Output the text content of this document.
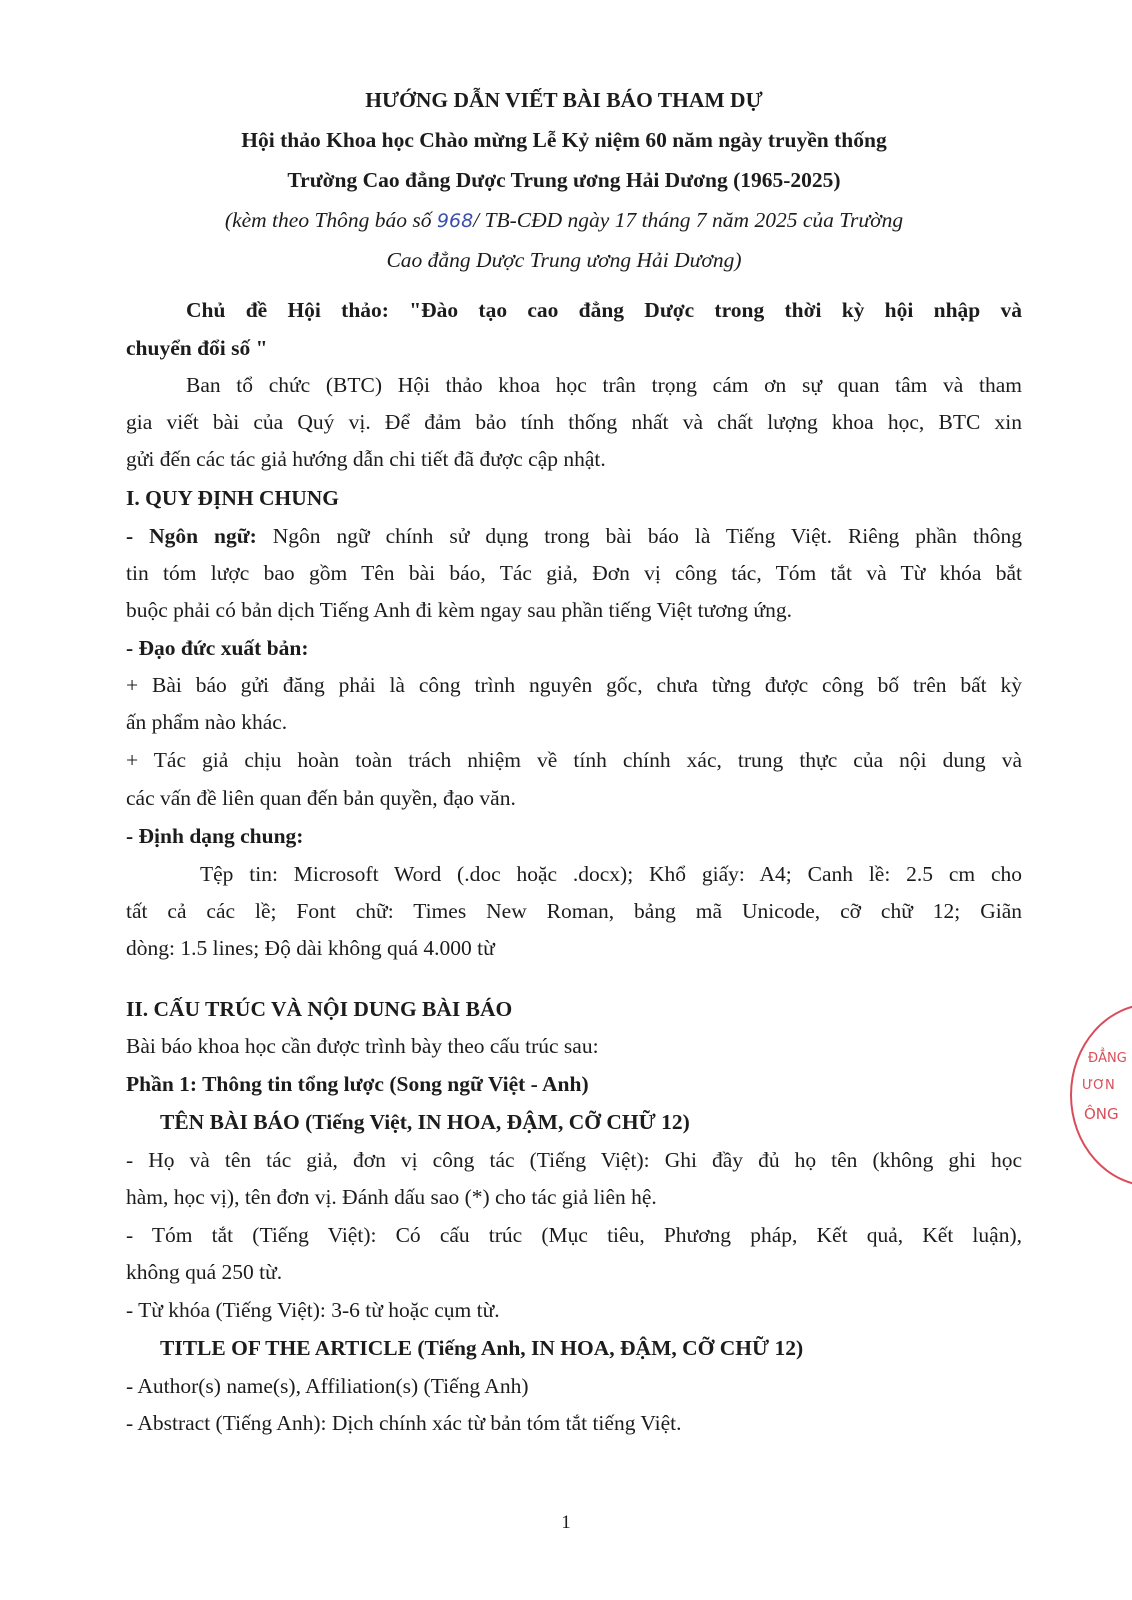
HƯỚNG DẪN VIẾT BÀI BÁO THAM DỰ
Hội thảo Khoa học Chào mừng Lễ Kỷ niệm 60 năm ngày truyền thống
Trường Cao đẳng Dược Trung ương Hải Dương (1965-2025)
(kèm theo Thông báo số 968/ TB-CĐD ngày 17 tháng 7 năm 2025 của Trường
Cao đẳng Dược Trung ương Hải Dương)
Chủ đề Hội thảo: "Đào tạo cao đẳng Dược trong thời kỳ hội nhập và
chuyển đổi số "
Ban tổ chức (BTC) Hội thảo khoa học trân trọng cám ơn sự quan tâm và tham
gia viết bài của Quý vị. Để đảm bảo tính thống nhất và chất lượng khoa học, BTC xin
gửi đến các tác giả hướng dẫn chi tiết đã được cập nhật.
I. QUY ĐỊNH CHUNG
- Ngôn ngữ: Ngôn ngữ chính sử dụng trong bài báo là Tiếng Việt. Riêng phần thông
tin tóm lược bao gồm Tên bài báo, Tác giả, Đơn vị công tác, Tóm tắt và Từ khóa bắt
buộc phải có bản dịch Tiếng Anh đi kèm ngay sau phần tiếng Việt tương ứng.
- Đạo đức xuất bản:
+ Bài báo gửi đăng phải là công trình nguyên gốc, chưa từng được công bố trên bất kỳ
ấn phẩm nào khác.
+ Tác giả chịu hoàn toàn trách nhiệm về tính chính xác, trung thực của nội dung và
các vấn đề liên quan đến bản quyền, đạo văn.
- Định dạng chung:
Tệp tin: Microsoft Word (.doc hoặc .docx); Khổ giấy: A4; Canh lề: 2.5 cm cho
tất cả các lề; Font chữ: Times New Roman, bảng mã Unicode, cỡ chữ 12; Giãn
dòng: 1.5 lines; Độ dài không quá 4.000 từ
II. CẤU TRÚC VÀ NỘI DUNG BÀI BÁO
Bài báo khoa học cần được trình bày theo cấu trúc sau:
Phần 1: Thông tin tổng lược (Song ngữ Việt - Anh)
TÊN BÀI BÁO (Tiếng Việt, IN HOA, ĐẬM, CỠ CHỮ 12)
- Họ và tên tác giả, đơn vị công tác (Tiếng Việt): Ghi đầy đủ họ tên (không ghi học
hàm, học vị), tên đơn vị. Đánh dấu sao (*) cho tác giả liên hệ.
- Tóm tắt (Tiếng Việt): Có cấu trúc (Mục tiêu, Phương pháp, Kết quả, Kết luận),
không quá 250 từ.
- Từ khóa (Tiếng Việt): 3-6 từ hoặc cụm từ.
TITLE OF THE ARTICLE (Tiếng Anh, IN HOA, ĐẬM, CỠ CHỮ 12)
- Author(s) name(s), Affiliation(s) (Tiếng Anh)
- Abstract (Tiếng Anh): Dịch chính xác từ bản tóm tắt tiếng Việt.
1
ĐẲNG
ƯƠN
ÔNG
